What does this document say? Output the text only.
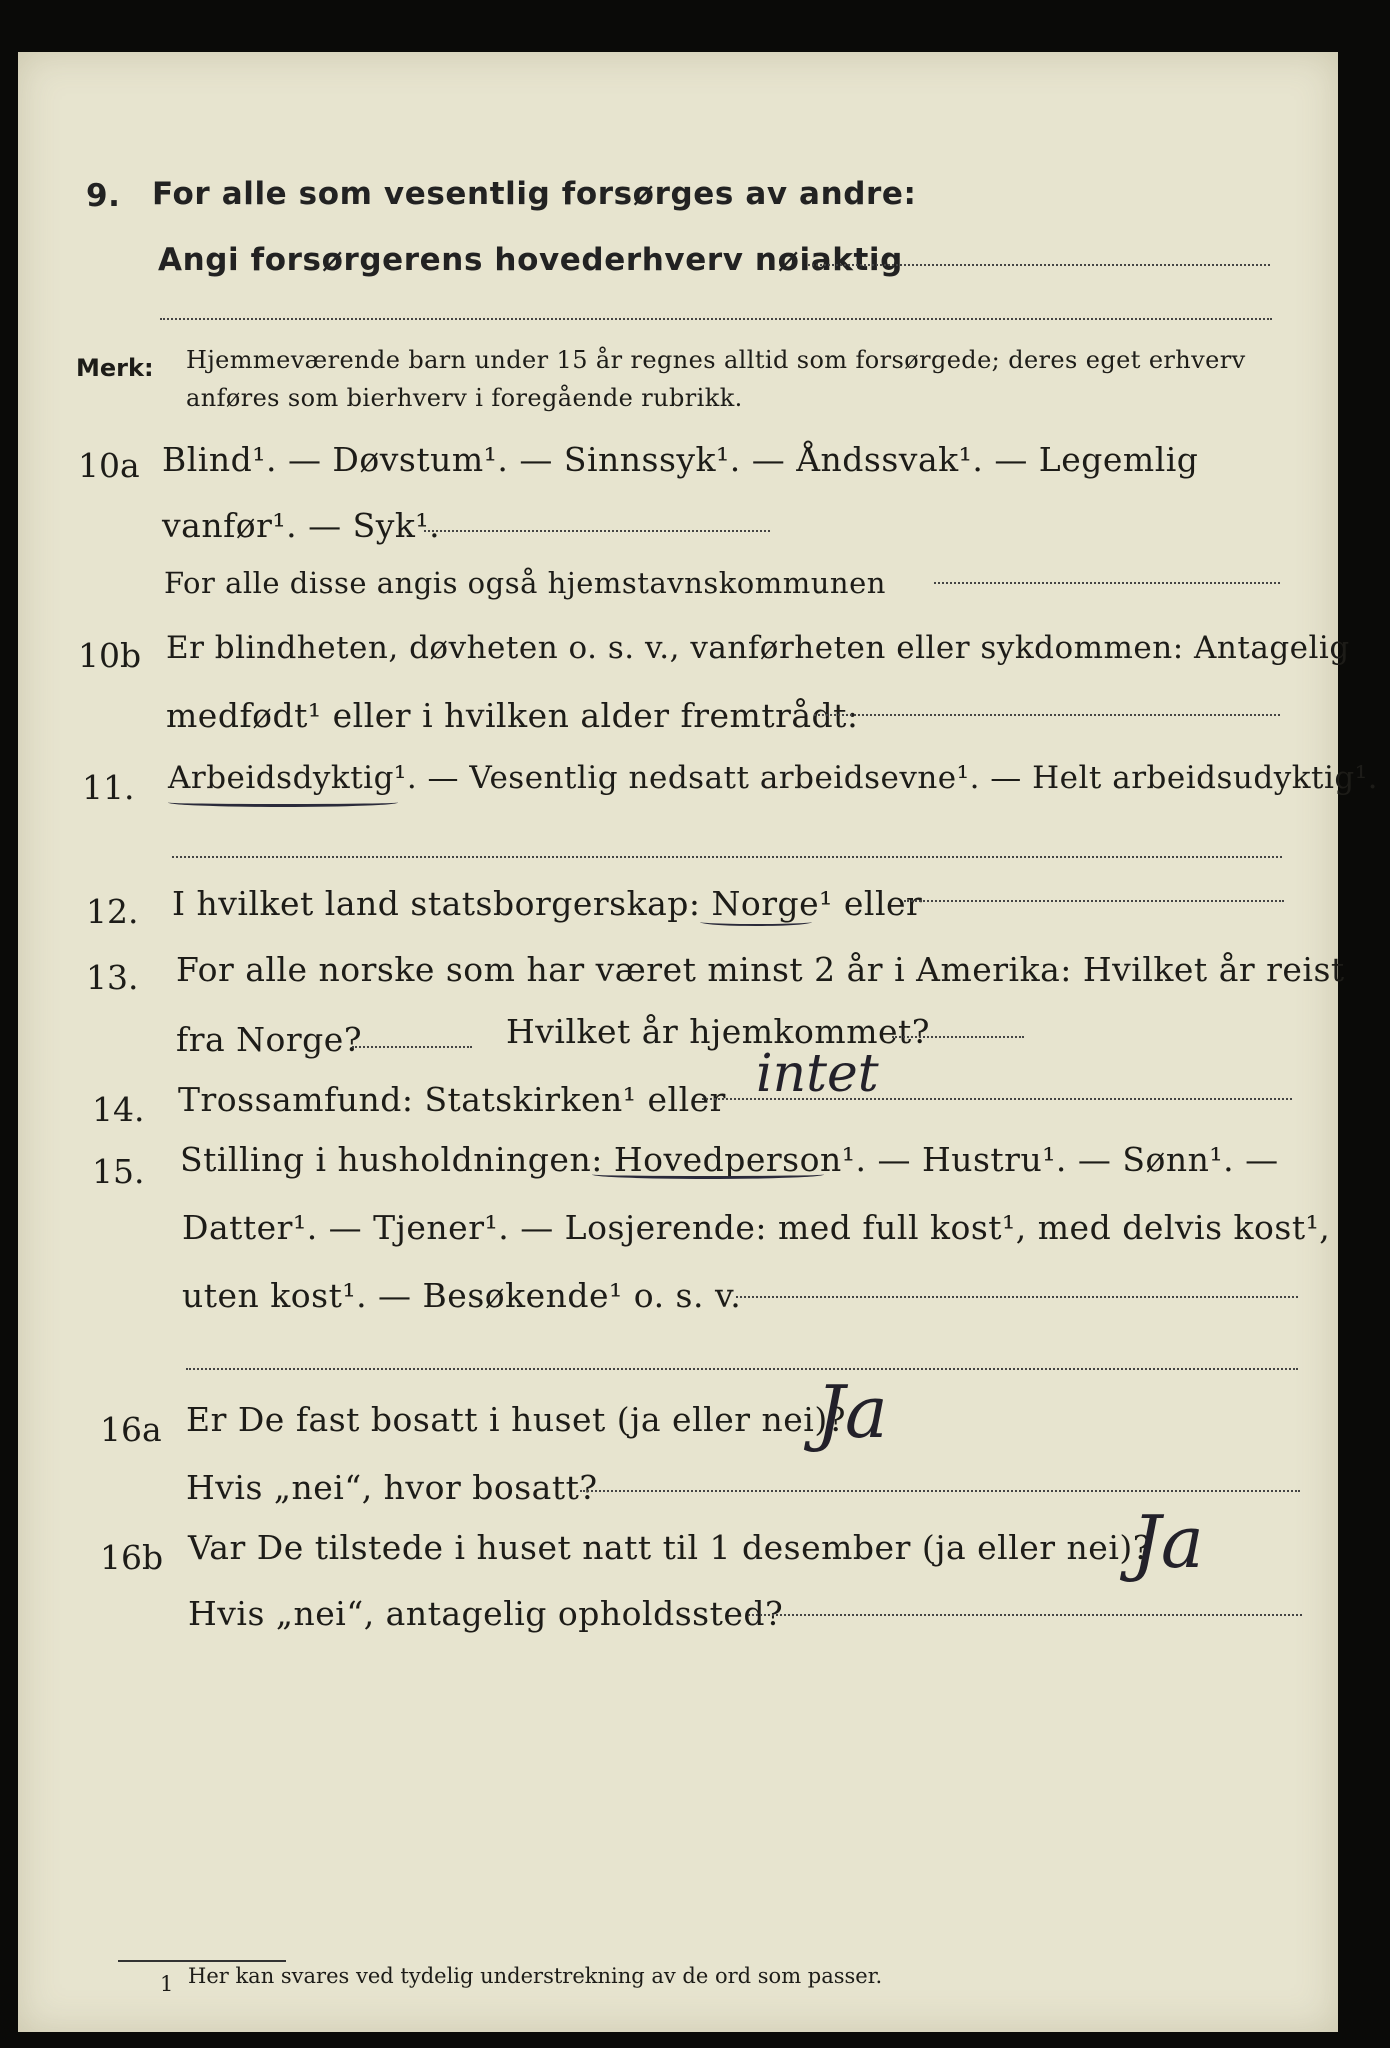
9. For alle som vesentlig forsørges av andre:
Angi forsørgerens hovederhverv nøiaktig
Merk: Hjemmeværende barn under 15 år regnes alltid som forsørgede; deres eget erhverv
anføres som bierhverv i foregående rubrikk.
10a Blind¹. — Døvstum¹. — Sinnssyk¹. — Åndssvak¹. — Legemlig
vanfør¹. — Syk¹.
For alle disse angis også hjemstavnskommunen
10b Er blindheten, døvheten o. s. v., vanførheten eller sykdommen: Antagelig
medfødt¹ eller i hvilken alder fremtrådt:
11. Arbeidsdyktig¹. — Vesentlig nedsatt arbeidsevne¹. — Helt arbeidsudyktig¹.
12. I hvilket land statsborgerskap: Norge¹ eller
13. For alle norske som har været minst 2 år i Amerika: Hvilket år reist
fra Norge?	Hvilket år hjemkommet?
14. Trossamfund: Statskirken¹ eller intet
15. Stilling i husholdningen: Hovedperson¹. — Hustru¹. — Sønn¹. —
Datter¹. — Tjener¹. — Losjerende: med full kost¹, med delvis kost¹,
uten kost¹. — Besøkende¹ o. s. v.
16a Er De fast bosatt i huset (ja eller nei)?
Ja
Hvis „nei“, hvor bosatt?
16b Var De tilstede i huset natt til 1 desember (ja eller nei)?
Ja
Hvis „nei“, antagelig opholdssted?
1 Her kan svares ved tydelig understrekning av de ord som passer.
